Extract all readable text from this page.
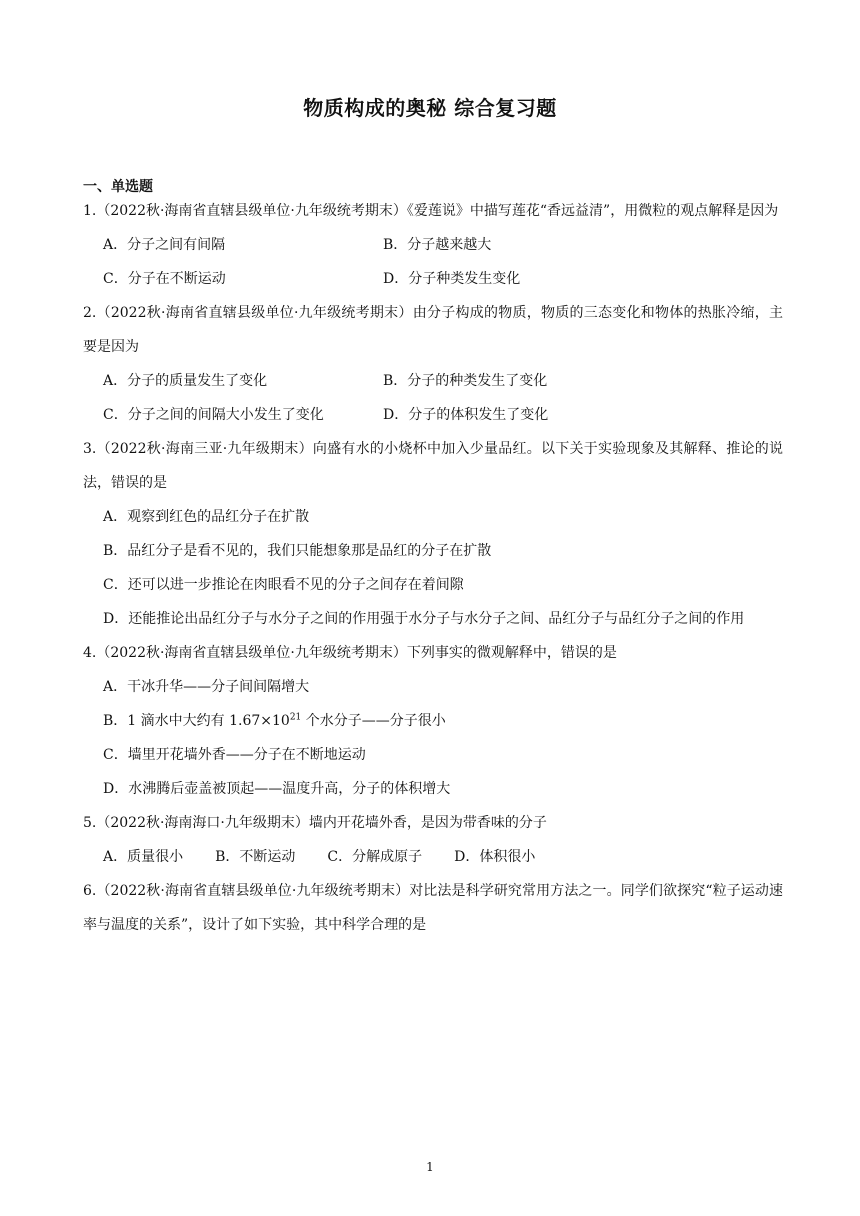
物质构成的奥秘 综合复习题
一、单选题

1.（2022秋·海南省直辖县级单位·九年级统考期末）《爱莲说》中描写莲花“香远益清”，用微粒的观点解释是因为

A．分子之间有间隔	B．分子越来越大
C．分子在不断运动	D．分子种类发生变化

2.（2022秋·海南省直辖县级单位·九年级统考期末）由分子构成的物质，物质的三态变化和物体的热胀冷缩，主要是因为

A．分子的质量发生了变化	B．分子的种类发生了变化
C．分子之间的间隔大小发生了变化	D．分子的体积发生了变化

3.（2022秋·海南三亚·九年级期末）向盛有水的小烧杯中加入少量品红。以下关于实验现象及其解释、推论的说法，错误的是

A．观察到红色的品红分子在扩散
B．品红分子是看不见的，我们只能想象那是品红的分子在扩散
C．还可以进一步推论在肉眼看不见的分子之间存在着间隙
D．还能推论出品红分子与水分子之间的作用强于水分子与水分子之间、品红分子与品红分子之间的作用

4.（2022秋·海南省直辖县级单位·九年级统考期末）下列事实的微观解释中，错误的是

A．干冰升华——分子间间隔增大
B．1 滴水中大约有 $1.67\times 10^{21}$ 个水分子——分子很小
C．墙里开花墙外香——分子在不断地运动
D．水沸腾后壶盖被顶起——温度升高，分子的体积增大

5.（2022秋·海南海口·九年级期末）墙内开花墙外香，是因为带香味的分子

A．质量很小 B．不断运动 C．分解成原子 D．体积很小

6.（2022秋·海南省直辖县级单位·九年级统考期末）对比法是科学研究常用方法之一。同学们欲探究“粒子运动速率与温度的关系”，设计了如下实验，其中科学合理的是

1
